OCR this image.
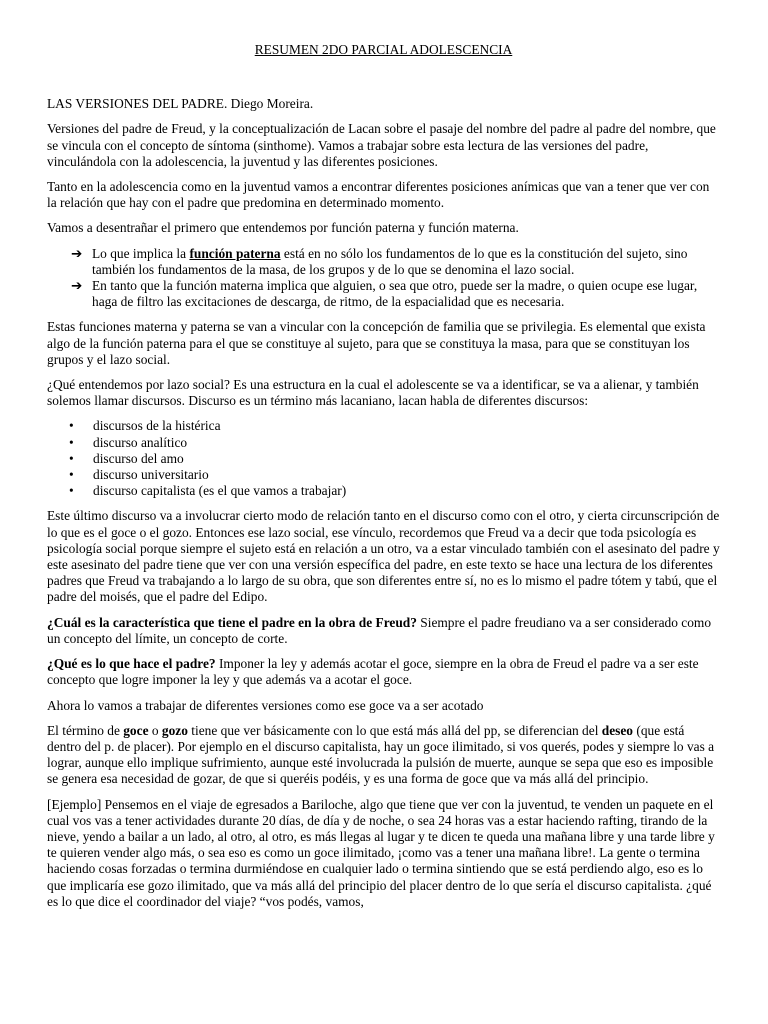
RESUMEN 2DO PARCIAL ADOLESCENCIA

LAS VERSIONES DEL PADRE. Diego Moreira.

Versiones del padre de Freud, y la conceptualización de Lacan sobre el pasaje del nombre del padre al padre del nombre, que se vincula con el concepto de síntoma (sinthome). Vamos a trabajar sobre esta lectura de las versiones del padre, vinculándola con la adolescencia, la juventud y las diferentes posiciones.

Tanto en la adolescencia como en la juventud vamos a encontrar diferentes posiciones anímicas que van a tener que ver con la relación que hay con el padre que predomina en determinado momento.

Vamos a desentrañar el primero que entendemos por función paterna y función materna.

➔ Lo que implica la función paterna está en no sólo los fundamentos de lo que es la constitución del sujeto, sino también los fundamentos de la masa, de los grupos y de lo que se denomina el lazo social.
➔ En tanto que la función materna implica que alguien, o sea que otro, puede ser la madre, o quien ocupe ese lugar, haga de filtro las excitaciones de descarga, de ritmo, de la espacialidad que es necesaria.

Estas funciones materna y paterna se van a vincular con la concepción de familia que se privilegia. Es elemental que exista algo de la función paterna para el que se constituye al sujeto, para que se constituya la masa, para que se constituyan los grupos y el lazo social.

¿Qué entendemos por lazo social? Es una estructura en la cual el adolescente se va a identificar, se va a alienar, y también solemos llamar discursos. Discurso es un término más lacaniano, lacan habla de diferentes discursos:

• discursos de la histérica
• discurso analítico
• discurso del amo
• discurso universitario
• discurso capitalista (es el que vamos a trabajar)

Este último discurso va a involucrar cierto modo de relación tanto en el discurso como con el otro, y cierta circunscripción de lo que es el goce o el gozo. Entonces ese lazo social, ese vínculo, recordemos que Freud va a decir que toda psicología es psicología social porque siempre el sujeto está en relación a un otro, va a estar vinculado también con el asesinato del padre y este asesinato del padre tiene que ver con una versión específica del padre, en este texto se hace una lectura de los diferentes padres que Freud va trabajando a lo largo de su obra, que son diferentes entre sí, no es lo mismo el padre tótem y tabú, que el padre del moisés, que el padre del Edipo.

¿Cuál es la característica que tiene el padre en la obra de Freud? Siempre el padre freudiano va a ser considerado como un concepto del límite, un concepto de corte.

¿Qué es lo que hace el padre? Imponer la ley y además acotar el goce, siempre en la obra de Freud el padre va a ser este concepto que logre imponer la ley y que además va a acotar el goce.

Ahora lo vamos a trabajar de diferentes versiones como ese goce va a ser acotado

El término de goce o gozo tiene que ver básicamente con lo que está más allá del pp, se diferencian del deseo (que está dentro del p. de placer). Por ejemplo en el discurso capitalista, hay un goce ilimitado, si vos querés, podes y siempre lo vas a lograr, aunque ello implique sufrimiento, aunque esté involucrada la pulsión de muerte, aunque se sepa que eso es imposible se genera esa necesidad de gozar, de que si queréis podéis, y es una forma de goce que va más allá del principio.

[Ejemplo] Pensemos en el viaje de egresados a Bariloche, algo que tiene que ver con la juventud, te venden un paquete en el cual vos vas a tener actividades durante 20 días, de día y de noche, o sea 24 horas vas a estar haciendo rafting, tirando de la nieve, yendo a bailar a un lado, al otro, al otro, es más llegas al lugar y te dicen te queda una mañana libre y una tarde libre y te quieren vender algo más, o sea eso es como un goce ilimitado, ¡como vas a tener una mañana libre!. La gente o termina haciendo cosas forzadas o termina durmiéndose en cualquier lado o termina sintiendo que se está perdiendo algo, eso es lo que implicaría ese gozo ilimitado, que va más allá del principio del placer dentro de lo que sería el discurso capitalista. ¿qué es lo que dice el coordinador del viaje? “vos podés, vamos,
